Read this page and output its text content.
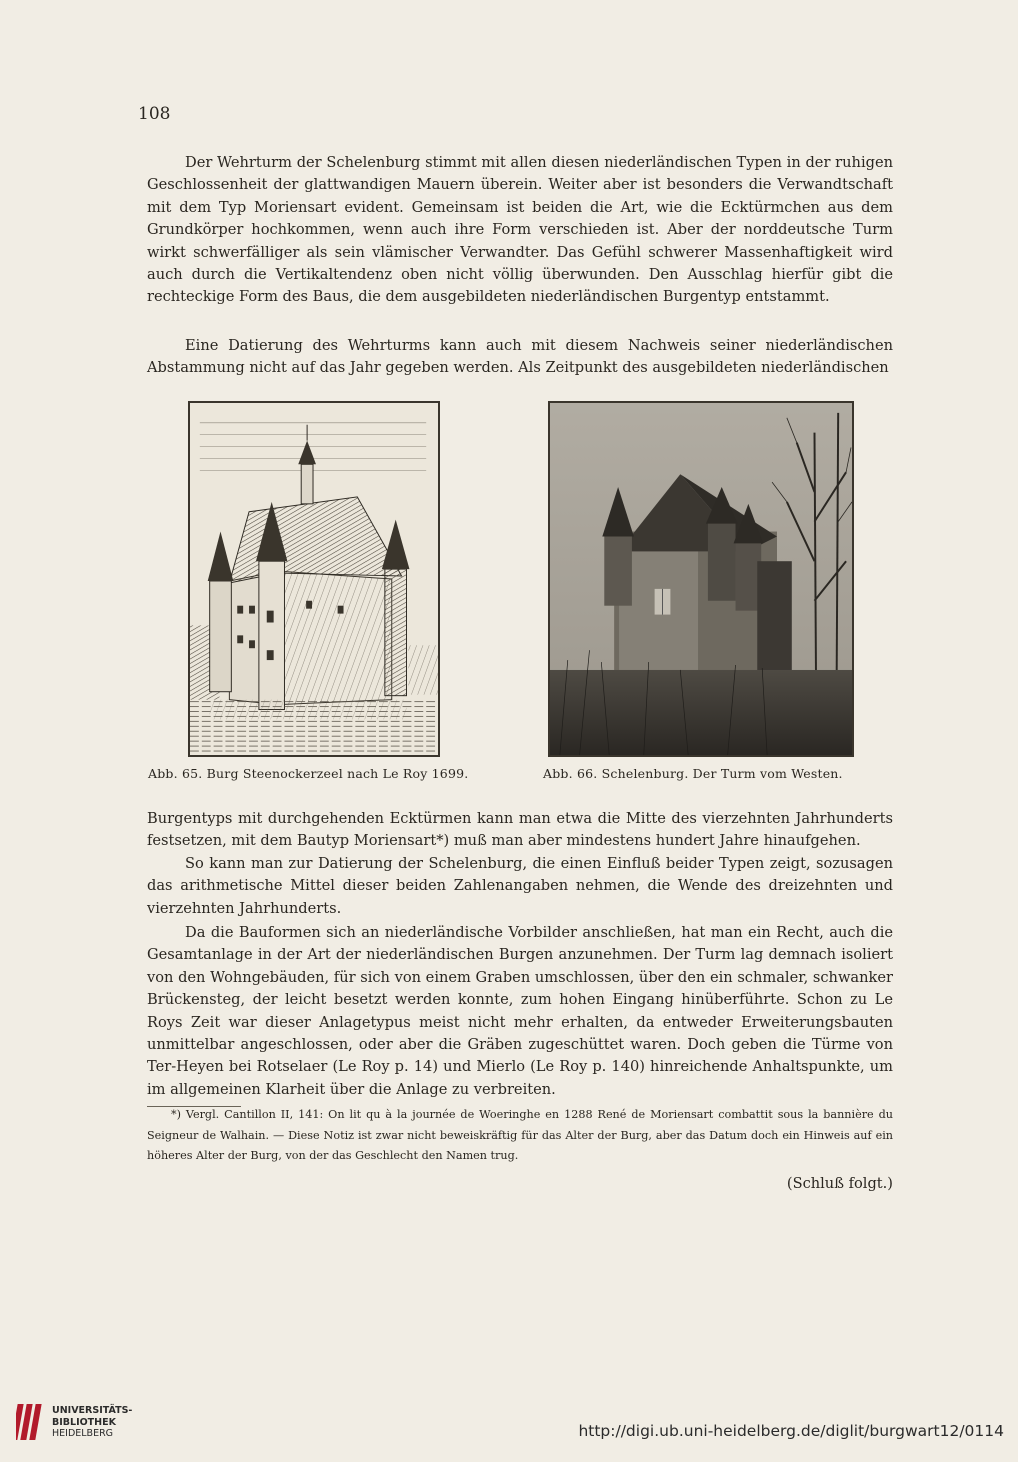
108

Der Wehrturm der Schelenburg stimmt mit allen diesen niederländischen Typen in der ruhigen Geschlossenheit der glattwandigen Mauern überein. Weiter aber ist besonders die Verwandtschaft mit dem Typ Moriensart evident. Gemeinsam ist beiden die Art, wie die Ecktürmchen aus dem Grundkörper hochkommen, wenn auch ihre Form verschieden ist. Aber der norddeutsche Turm wirkt schwerfälliger als sein vlämischer Verwandter. Das Gefühl schwerer Massenhaftigkeit wird auch durch die Vertikaltendenz oben nicht völlig überwunden. Den Ausschlag hierfür gibt die rechteckige Form des Baus, die dem ausgebildeten niederländischen Burgentyp entstammt.

Eine Datierung des Wehrturms kann auch mit diesem Nachweis seiner niederländischen Abstammung nicht auf das Jahr gegeben werden. Als Zeitpunkt des ausgebildeten niederländischen

Abb. 65. Burg Steenockerzeel nach Le Roy 1699.	Abb. 66. Schelenburg. Der Turm vom Westen.

Burgentyps mit durchgehenden Ecktürmen kann man etwa die Mitte des vierzehnten Jahrhunderts festsetzen, mit dem Bautyp Moriensart*) muß man aber mindestens hundert Jahre hinaufgehen.

So kann man zur Datierung der Schelenburg, die einen Einfluß beider Typen zeigt, sozusagen das arithmetische Mittel dieser beiden Zahlenangaben nehmen, die Wende des dreizehnten und vierzehnten Jahrhunderts.

Da die Bauformen sich an niederländische Vorbilder anschließen, hat man ein Recht, auch die Gesamtanlage in der Art der niederländischen Burgen anzunehmen. Der Turm lag demnach isoliert von den Wohngebäuden, für sich von einem Graben umschlossen, über den ein schmaler, schwanker Brückensteg, der leicht besetzt werden konnte, zum hohen Eingang hinüberführte. Schon zu Le Roys Zeit war dieser Anlagetypus meist nicht mehr erhalten, da entweder Erweiterungsbauten unmittelbar angeschlossen, oder aber die Gräben zugeschüttet waren. Doch geben die Türme von Ter-Heyen bei Rotselaer (Le Roy p. 14) und Mierlo (Le Roy p. 140) hinreichende Anhaltspunkte, um im allgemeinen Klarheit über die Anlage zu verbreiten.

*) Vergl. Cantillon II, 141: On lit qu à la journée de Woeringhe en 1288 René de Moriensart combattit sous la bannière du Seigneur de Walhain. — Diese Notiz ist zwar nicht beweiskräftig für das Alter der Burg, aber das Datum doch ein Hinweis auf ein höheres Alter der Burg, von der das Geschlecht den Namen trug.

(Schluß folgt.)
UNIVERSITÄTS-
BIBLIOTHEK
HEIDELBERG	http://digi.ub.uni-heidelberg.de/diglit/burgwart12/0114
